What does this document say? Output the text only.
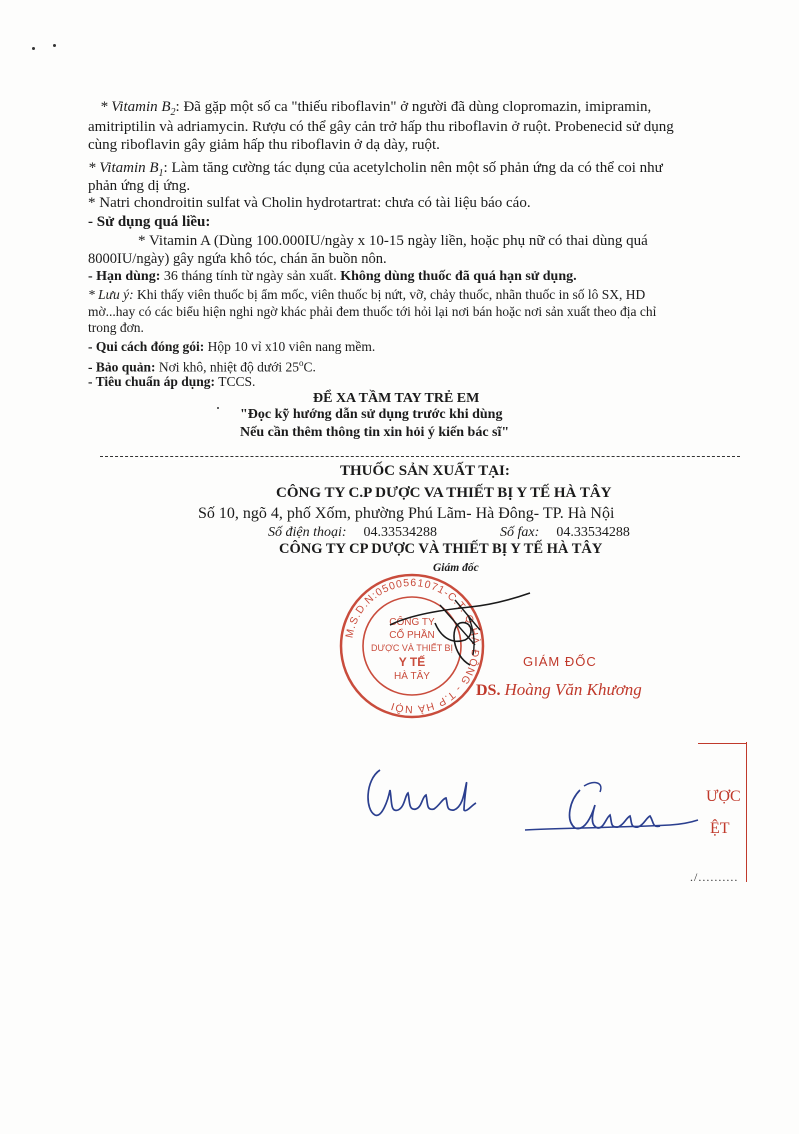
* Vitamin $B_2$: Đã gặp một số ca "thiếu riboflavin" ở người đã dùng clopromazin, imipramin,
amitriptilin và adriamycin. Rượu có thể gây cản trở hấp thu riboflavin ở ruột. Probenecid sử dụng
cùng riboflavin gây giảm hấp thu riboflavin ở dạ dày, ruột.
* Vitamin $B_1$: Làm tăng cường tác dụng của acetylcholin nên một số phản ứng da có thể coi như
phản ứng dị ứng.
* Natri chondroitin sulfat và Cholin hydrotartrat: chưa có tài liệu báo cáo.
- Sử dụng quá liều:
* Vitamin A (Dùng 100.000IU/ngày x 10-15 ngày liền, hoặc phụ nữ có thai dùng quá
8000IU/ngày) gây ngứa khô tóc, chán ăn buồn nôn.
- Hạn dùng: 36 tháng tính từ ngày sản xuất. Không dùng thuốc đã quá hạn sử dụng.
* Lưu ý: Khi thấy viên thuốc bị ẩm mốc, viên thuốc bị nứt, vỡ, chảy thuốc, nhãn thuốc in số lô SX, HD
mờ...hay có các biểu hiện nghi ngờ khác phải đem thuốc tới hỏi lại nơi bán hoặc nơi sản xuất theo địa chỉ
trong đơn.
- Qui cách đóng gói: Hộp 10 vỉ x10 viên nang mềm.
- Bảo quản: Nơi khô, nhiệt độ dưới 25$^o$C.
- Tiêu chuẩn áp dụng: TCCS.
ĐỂ XA TẦM TAY TRẺ EM
"Đọc kỹ hướng dẫn sử dụng trước khi dùng
Nếu cần thêm thông tin xin hỏi ý kiến bác sĩ"
THUỐC SẢN XUẤT TẠI:
CÔNG TY C.P DƯỢC VA THIẾT BỊ Y TẾ HÀ TÂY
Số 10, ngõ 4, phố Xốm, phường Phú Lãm- Hà Đông- TP. Hà Nội
Số điện thoại: 04.33534288	Số fax: 04.33534288
CÔNG TY CP DƯỢC VÀ THIẾT BỊ Y TẾ HÀ TÂY
Giám đốc
M.S.D.N:0500561071-C.T. Q.HÀ ĐÔNG - T.P HÀ NỘI
CÔNG TY
CỔ PHẦN
DƯỢC VÀ THIẾT BỊ
Y TẾ
HÀ TÂY
GIÁM ĐỐC
DS. Hoàng Văn Khương
ƯỢC
ỆT
./..........
